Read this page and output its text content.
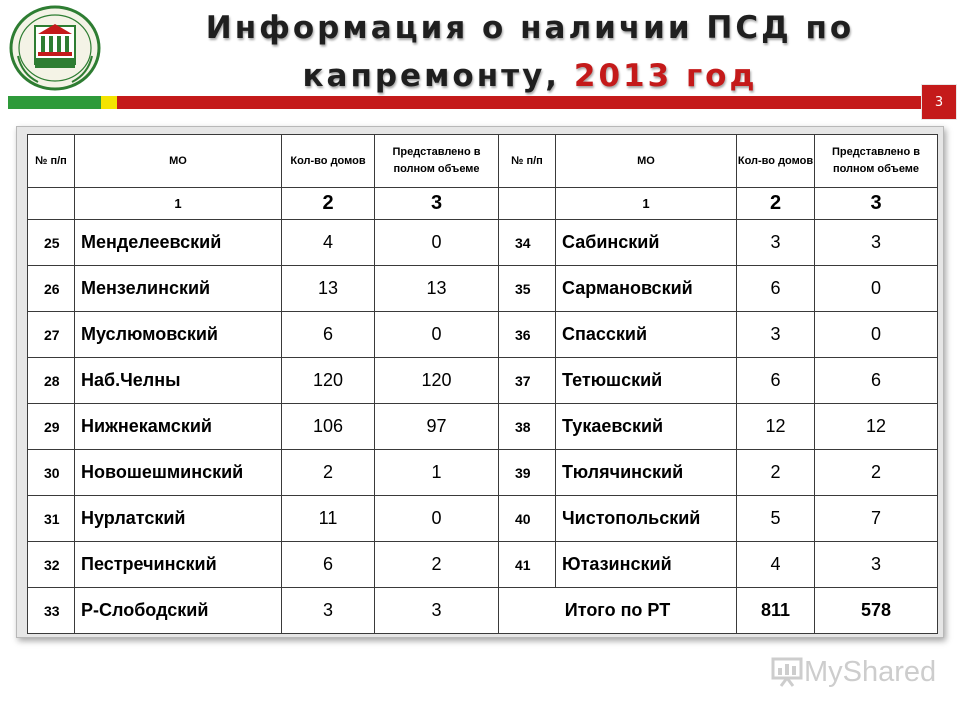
Информация о наличии ПСД по
капремонту, 2013 год
3
№ п/п	МО	Кол-во домов	Представлено в полном объеме	№ п/п	МО	Кол-во домов	Представлено в полном объеме
	1	2	3		1	2	3
25	Менделеевский	4	0	34	Сабинский	3	3
26	Мензелинский	13	13	35	Сармановский	6	0
27	Муслюмовский	6	0	36	Спасский	3	0
28	Наб.Челны	120	120	37	Тетюшский	6	6
29	Нижнекамский	106	97	38	Тукаевский	12	12
30	Новошешминский	2	1	39	Тюлячинский	2	2
31	Нурлатский	11	0	40	Чистопольский	5	7
32	Пестречинский	6	2	41	Ютазинский	4	3
33	Р-Слободский	3	3	Итого по РТ		811	578
MyShared
